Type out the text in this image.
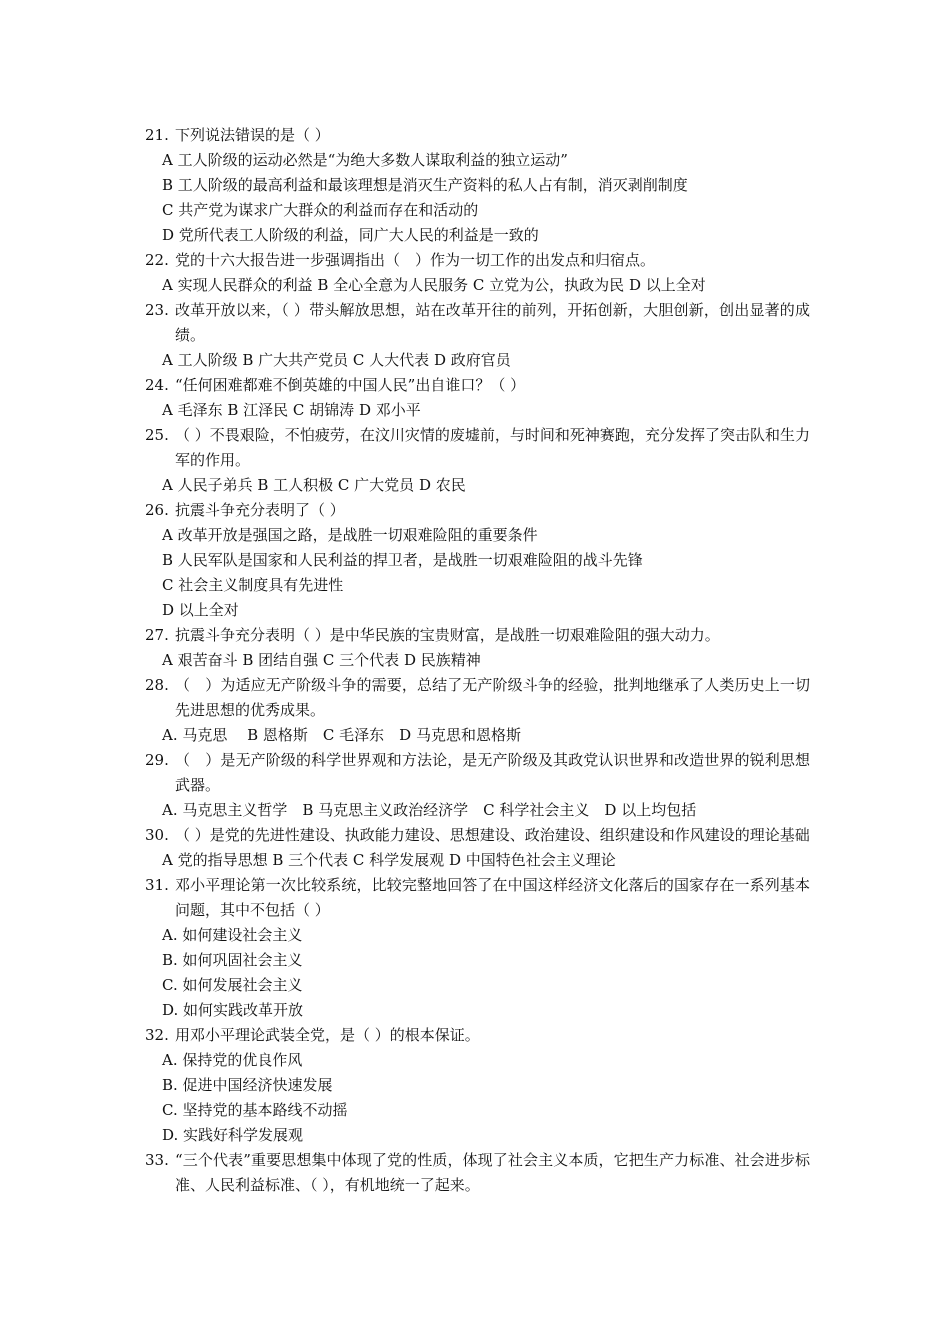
21. 下列说法错误的是（ ）
A 工人阶级的运动必然是“为绝大多数人谋取利益的独立运动”
B 工人阶级的最高利益和最该理想是消灭生产资料的私人占有制，消灭剥削制度
C 共产党为谋求广大群众的利益而存在和活动的
D 党所代表工人阶级的利益，同广大人民的利益是一致的
22. 党的十六大报告进一步强调指出（　）作为一切工作的出发点和归宿点。
A 实现人民群众的利益 B 全心全意为人民服务 C 立党为公，执政为民 D 以上全对
23. 改革开放以来，（ ）带头解放思想，站在改革开往的前列，开拓创新，大胆创新，创出显著的成绩。
A 工人阶级 B 广大共产党员 C 人大代表 D 政府官员
24. “任何困难都难不倒英雄的中国人民”出自谁口？（ ）
A 毛泽东 B 江泽民 C 胡锦涛 D 邓小平
25. （ ）不畏艰险，不怕疲劳，在汶川灾情的废墟前，与时间和死神赛跑，充分发挥了突击队和生力军的作用。
A 人民子弟兵 B 工人积极 C 广大党员 D 农民
26. 抗震斗争充分表明了（ ）
A 改革开放是强国之路，是战胜一切艰难险阻的重要条件
B 人民军队是国家和人民利益的捍卫者，是战胜一切艰难险阻的战斗先锋
C 社会主义制度具有先进性
D 以上全对
27. 抗震斗争充分表明（ ）是中华民族的宝贵财富，是战胜一切艰难险阻的强大动力。
A 艰苦奋斗 B 团结自强 C 三个代表 D 民族精神
28. （　）为适应无产阶级斗争的需要，总结了无产阶级斗争的经验，批判地继承了人类历史上一切先进思想的优秀成果。
A. 马克思　 B 恩格斯　C 毛泽东　D 马克思和恩格斯
29. （　）是无产阶级的科学世界观和方法论，是无产阶级及其政党认识世界和改造世界的锐利思想武器。
A. 马克思主义哲学　B 马克思主义政治经济学　C 科学社会主义　D 以上均包括
30. （ ）是党的先进性建设、执政能力建设、思想建设、政治建设、组织建设和作风建设的理论基础
A 党的指导思想 B 三个代表 C 科学发展观 D 中国特色社会主义理论
31. 邓小平理论第一次比较系统，比较完整地回答了在中国这样经济文化落后的国家存在一系列基本问题，其中不包括（ ）
A. 如何建设社会主义
B. 如何巩固社会主义
C. 如何发展社会主义
D. 如何实践改革开放
32. 用邓小平理论武装全党，是（ ）的根本保证。
A. 保持党的优良作风
B. 促进中国经济快速发展
C. 坚持党的基本路线不动摇
D. 实践好科学发展观
33. “三个代表”重要思想集中体现了党的性质，体现了社会主义本质，它把生产力标准、社会进步标准、人民利益标准、（ ），有机地统一了起来。
